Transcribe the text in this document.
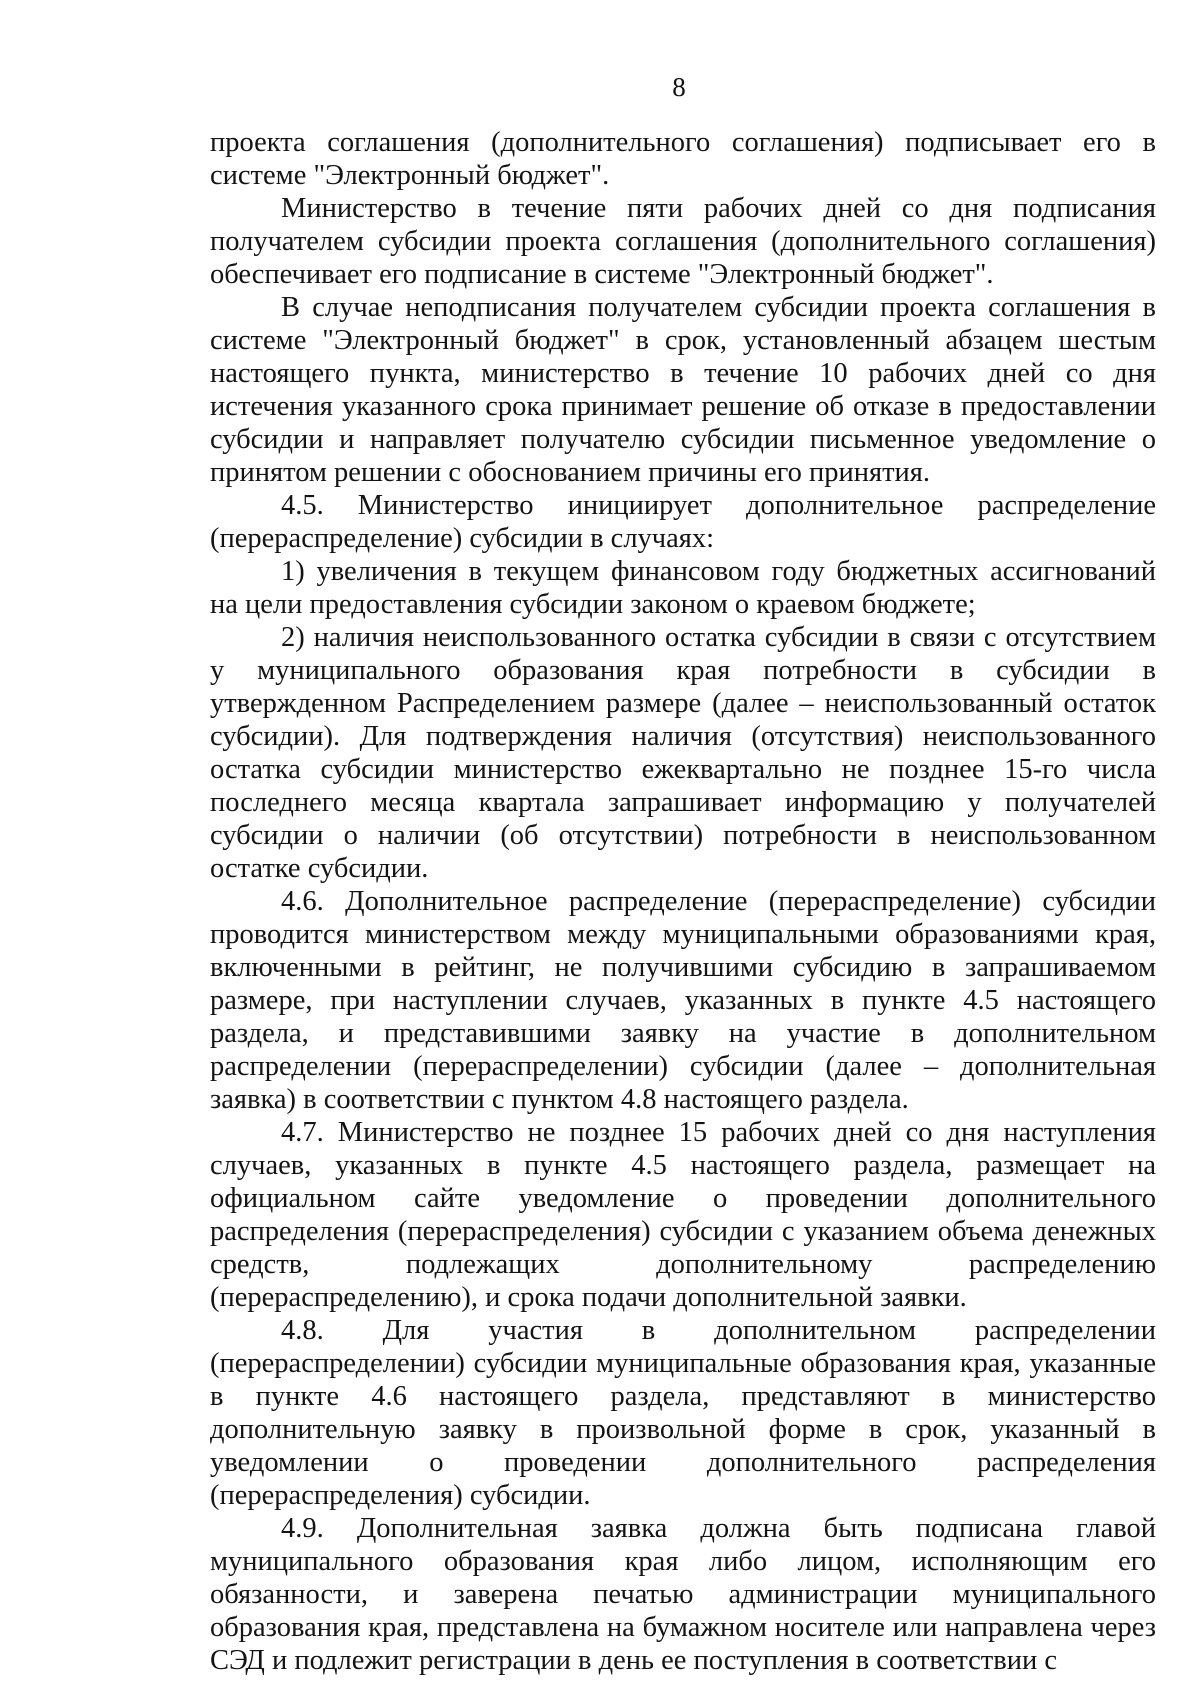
8

проекта соглашения (дополнительного соглашения) подписывает его в системе "Электронный бюджет".

Министерство в течение пяти рабочих дней со дня подписания получателем субсидии проекта соглашения (дополнительного соглашения) обеспечивает его подписание в системе "Электронный бюджет".

В случае неподписания получателем субсидии проекта соглашения в системе "Электронный бюджет" в срок, установленный абзацем шестым настоящего пункта, министерство в течение 10 рабочих дней со дня истечения указанного срока принимает решение об отказе в предоставлении субсидии и направляет получателю субсидии письменное уведомление о принятом решении с обоснованием причины его принятия.

4.5. Министерство инициирует дополнительное распределение (перераспределение) субсидии в случаях:

1) увеличения в текущем финансовом году бюджетных ассигнований на цели предоставления субсидии законом о краевом бюджете;

2) наличия неиспользованного остатка субсидии в связи с отсутствием у муниципального образования края потребности в субсидии в утвержденном Распределением размере (далее – неиспользованный остаток субсидии). Для подтверждения наличия (отсутствия) неиспользованного остатка субсидии министерство ежеквартально не позднее 15-го числа последнего месяца квартала запрашивает информацию у получателей субсидии о наличии (об отсутствии) потребности в неиспользованном остатке субсидии.

4.6. Дополнительное распределение (перераспределение) субсидии проводится министерством между муниципальными образованиями края, включенными в рейтинг, не получившими субсидию в запрашиваемом размере, при наступлении случаев, указанных в пункте 4.5 настоящего раздела, и представившими заявку на участие в дополнительном распределении (перераспределении) субсидии (далее – дополнительная заявка) в соответствии с пунктом 4.8 настоящего раздела.

4.7. Министерство не позднее 15 рабочих дней со дня наступления случаев, указанных в пункте 4.5 настоящего раздела, размещает на официальном сайте уведомление о проведении дополнительного распределения (перераспределения) субсидии с указанием объема денежных средств, подлежащих дополнительному распределению (перераспределению), и срока подачи дополнительной заявки.

4.8. Для участия в дополнительном распределении (перераспределении) субсидии муниципальные образования края, указанные в пункте 4.6 настоящего раздела, представляют в министерство дополнительную заявку в произвольной форме в срок, указанный в уведомлении о проведении дополнительного распределения (перераспределения) субсидии.

4.9. Дополнительная заявка должна быть подписана главой муниципального образования края либо лицом, исполняющим его обязанности, и заверена печатью администрации муниципального образования края, представлена на бумажном носителе или направлена через СЭД и подлежит регистрации в день ее поступления в соответствии с
